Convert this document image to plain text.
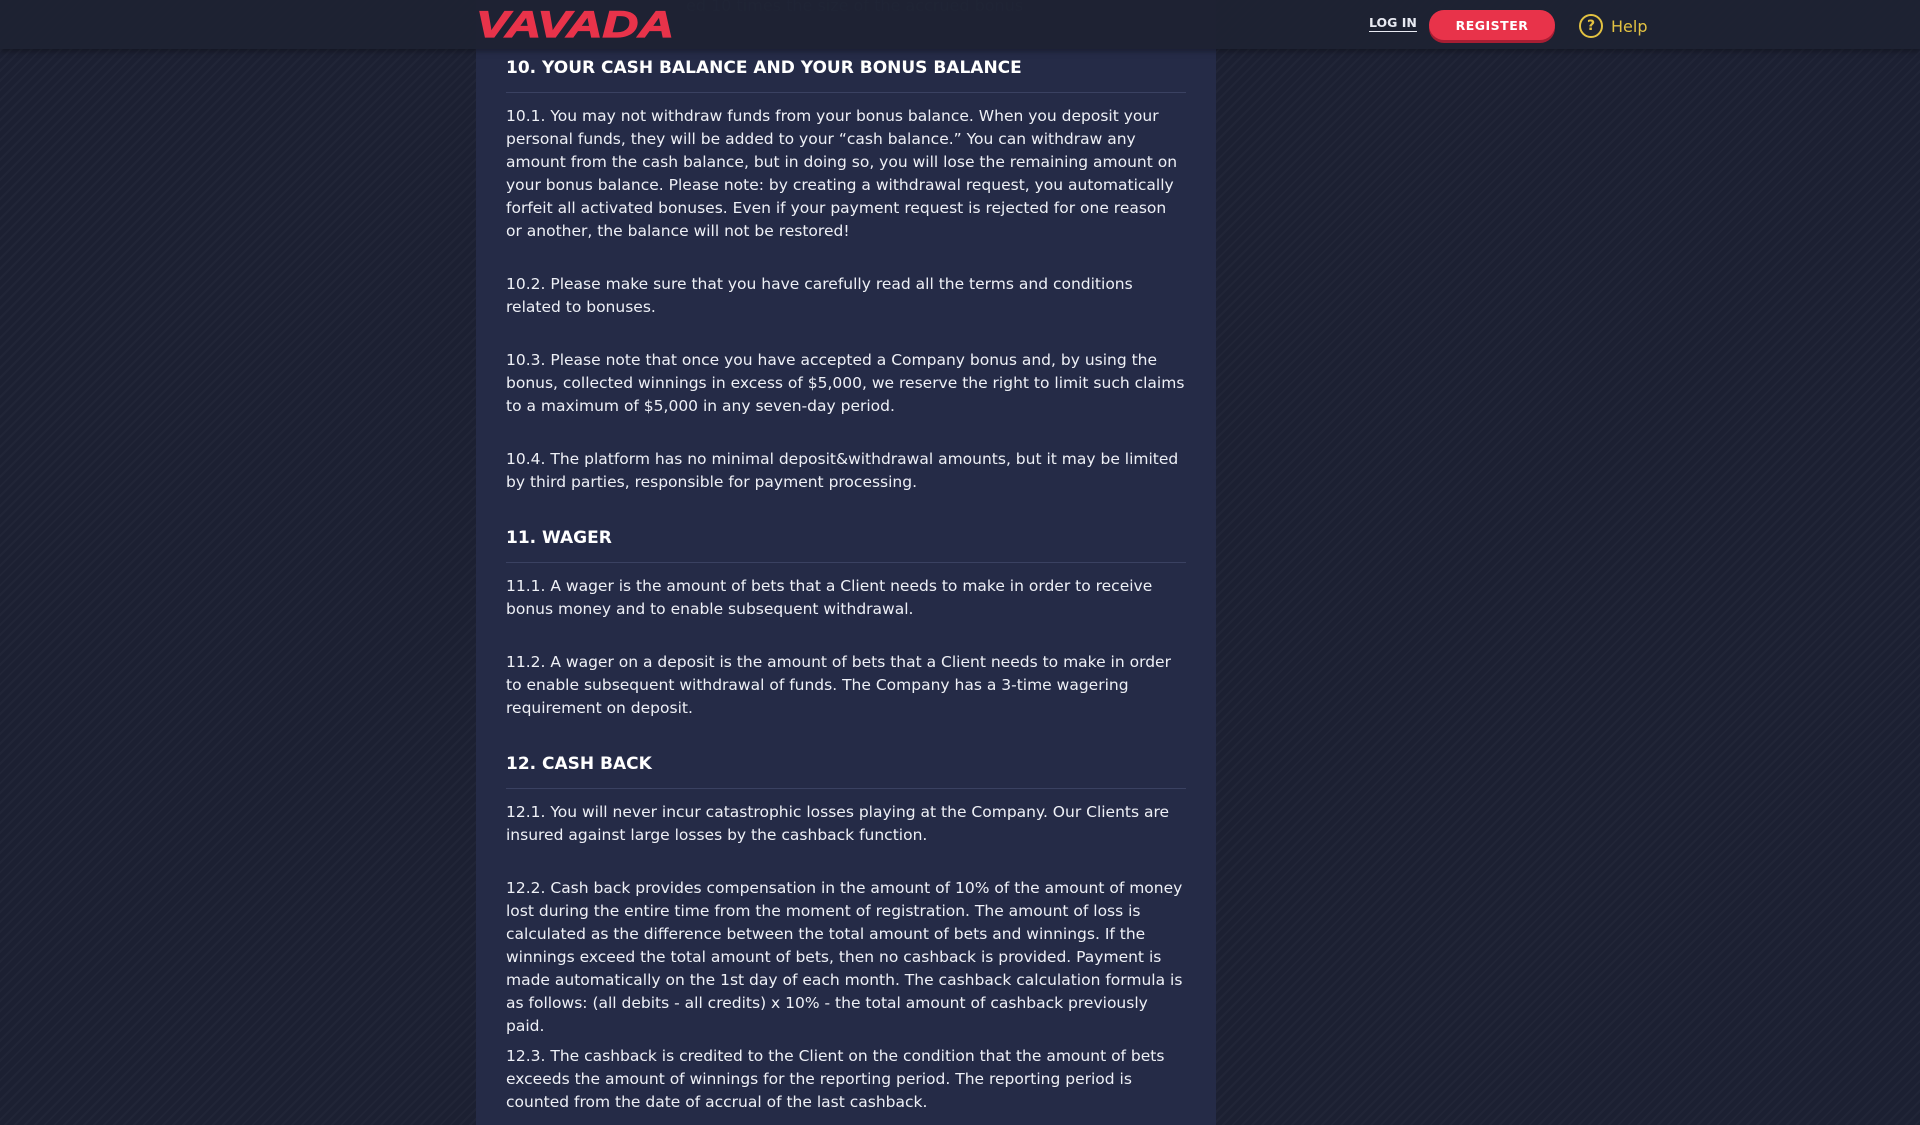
10. YOUR CASH BALANCE AND YOUR BONUS BALANCE
10.1. You may not withdraw funds from your bonus balance. When you deposit your personal funds, they will be added to your “cash balance.” You can withdraw any amount from the cash balance, but in doing so, you will lose the remaining amount on your bonus balance. Please note: by creating a withdrawal request, you automatically forfeit all activated bonuses. Even if your payment request is rejected for one reason or another, the balance will not be restored!
10.2. Please make sure that you have carefully read all the terms and conditions related to bonuses.
10.3. Please note that once you have accepted a Company bonus and, by using the bonus, collected winnings in excess of $5,000, we reserve the right to limit such claims to a maximum of $5,000 in any seven-day period.
10.4. The platform has no minimal deposit&withdrawal amounts, but it may be limited by third parties, responsible for payment processing.
11. WAGER
11.1. A wager is the amount of bets that a Client needs to make in order to receive bonus money and to enable subsequent withdrawal.
11.2. A wager on a deposit is the amount of bets that a Client needs to make in order to enable subsequent withdrawal of funds. The Company has a 3-time wagering requirement on deposit.
12. CASH BACK
12.1. You will never incur catastrophic losses playing at the Company. Our Clients are insured against large losses by the cashback function.
12.2. Cash back provides compensation in the amount of 10% of the amount of money lost during the entire time from the moment of registration. The amount of loss is calculated as the difference between the total amount of bets and winnings. If the winnings exceed the total amount of bets, then no cashback is provided. Payment is made automatically on the 1st day of each month. The cashback calculation formula is as follows: (all debits - all credits) x 10% - the total amount of cashback previously paid.
12.3. The cashback is credited to the Client on the condition that the amount of bets exceeds the amount of winnings for the reporting period. The reporting period is counted from the date of accrual of the last cashback.
VAVADA	LOG IN	REGISTER	? Help
